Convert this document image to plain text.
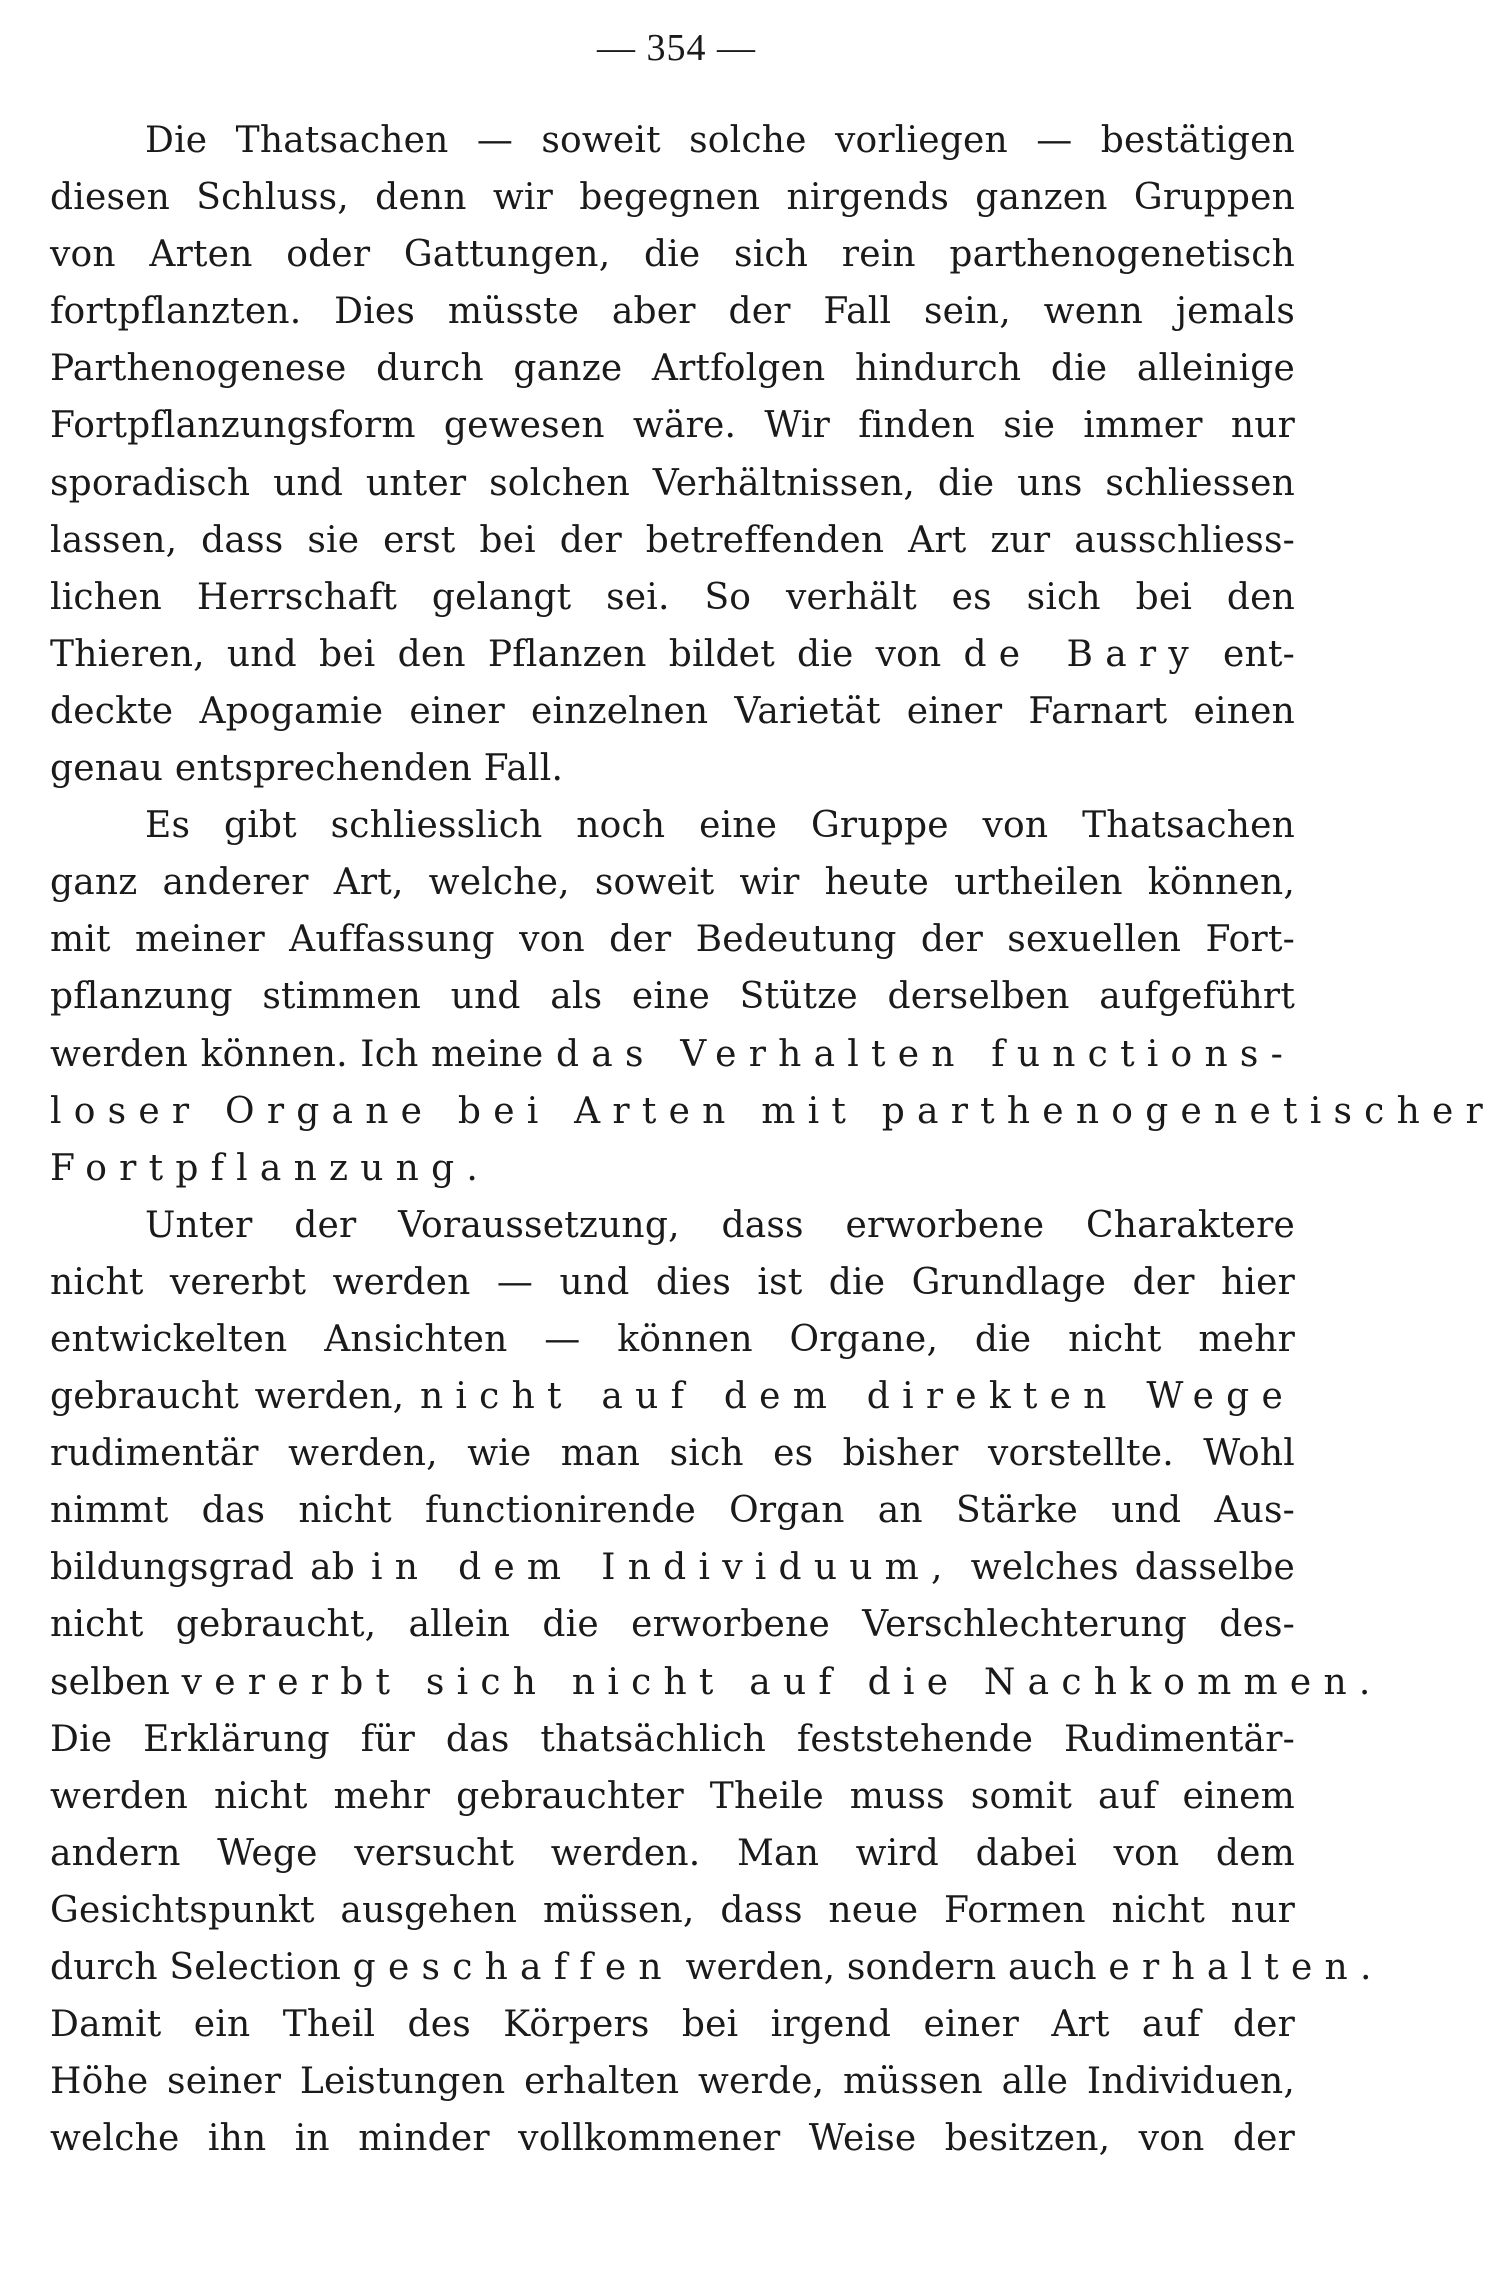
— 354 —
Die Thatsachen — soweit solche vorliegen — bestätigen
diesen Schluss, denn wir begegnen nirgends ganzen Gruppen
von Arten oder Gattungen, die sich rein parthenogenetisch
fortpflanzten. Dies müsste aber der Fall sein, wenn jemals
Parthenogenese durch ganze Artfolgen hindurch die alleinige
Fortpflanzungsform gewesen wäre. Wir finden sie immer nur
sporadisch und unter solchen Verhältnissen, die uns schliessen
lassen, dass sie erst bei der betreffenden Art zur ausschliess-
lichen Herrschaft gelangt sei. So verhält es sich bei den
Thieren, und bei den Pflanzen bildet die von de Bary ent-
deckte Apogamie einer einzelnen Varietät einer Farnart einen
genau entsprechenden Fall.
Es gibt schliesslich noch eine Gruppe von Thatsachen
ganz anderer Art, welche, soweit wir heute urtheilen können,
mit meiner Auffassung von der Bedeutung der sexuellen Fort-
pflanzung stimmen und als eine Stütze derselben aufgeführt
werden können. Ich meine das Verhalten functions-
loser Organe bei Arten mit parthenogenetischer
Fortpflanzung.
Unter der Voraussetzung, dass erworbene Charaktere
nicht vererbt werden — und dies ist die Grundlage der hier
entwickelten Ansichten — können Organe, die nicht mehr
gebraucht werden, nicht auf dem direkten Wege
rudimentär werden, wie man sich es bisher vorstellte. Wohl
nimmt das nicht functionirende Organ an Stärke und Aus-
bildungsgrad ab in dem Individuum, welches dasselbe
nicht gebraucht, allein die erworbene Verschlechterung des-
selben vererbt sich nicht auf die Nachkommen.
Die Erklärung für das thatsächlich feststehende Rudimentär-
werden nicht mehr gebrauchter Theile muss somit auf einem
andern Wege versucht werden. Man wird dabei von dem
Gesichtspunkt ausgehen müssen, dass neue Formen nicht nur
durch Selection geschaffen werden, sondern auch erhalten.
Damit ein Theil des Körpers bei irgend einer Art auf der
Höhe seiner Leistungen erhalten werde, müssen alle Individuen,
welche ihn in minder vollkommener Weise besitzen, von der
